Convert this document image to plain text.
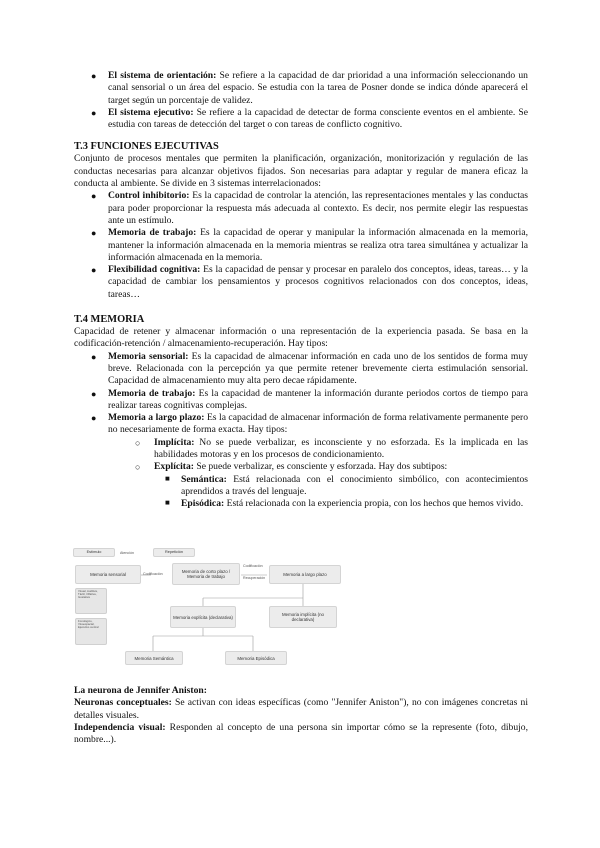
● El sistema de orientación: Se refiere a la capacidad de dar prioridad a una información seleccionando un canal sensorial o un área del espacio. Se estudia con la tarea de Posner donde se indica dónde aparecerá el target según un porcentaje de validez.
● El sistema ejecutivo: Se refiere a la capacidad de detectar de forma consciente eventos en el ambiente. Se estudia con tareas de detección del target o con tareas de conflicto cognitivo.
T.3 FUNCIONES EJECUTIVAS
Conjunto de procesos mentales que permiten la planificación, organización, monitorización y regulación de las conductas necesarias para alcanzar objetivos fijados. Son necesarias para adaptar y regular de manera eficaz la conducta al ambiente. Se divide en 3 sistemas interrelacionados:
● Control inhibitorio: Es la capacidad de controlar la atención, las representaciones mentales y las conductas para poder proporcionar la respuesta más adecuada al contexto. Es decir, nos permite elegir las respuestas ante un estímulo.
● Memoria de trabajo: Es la capacidad de operar y manipular la información almacenada en la memoria, mantener la información almacenada en la memoria mientras se realiza otra tarea simultánea y actualizar la información almacenada en la memoria.
● Flexibilidad cognitiva: Es la capacidad de pensar y procesar en paralelo dos conceptos, ideas, tareas… y la capacidad de cambiar los pensamientos y procesos cognitivos relacionados con dos conceptos, ideas, tareas…
T.4 MEMORIA
Capacidad de retener y almacenar información o una representación de la experiencia pasada. Se basa en la codificación-retención / almacenamiento-recuperación. Hay tipos:
● Memoria sensorial: Es la capacidad de almacenar información en cada uno de los sentidos de forma muy breve. Relacionada con la percepción ya que permite retener brevemente cierta estimulación sensorial. Capacidad de almacenamiento muy alta pero decae rápidamente.
● Memoria de trabajo: Es la capacidad de mantener la información durante periodos cortos de tiempo para realizar tareas cognitivas complejas.
● Memoria a largo plazo: Es la capacidad de almacenar información de forma relativamente permanente pero no necesariamente de forma exacta. Hay tipos:
○ Implícita: No se puede verbalizar, es inconsciente y no esforzada. Es la implicada en las habilidades motoras y en los procesos de condicionamiento.
○ Explícita: Se puede verbalizar, es consciente y esforzada. Hay dos subtipos:
■ Semántica: Está relacionada con el conocimiento simbólico, con acontecimientos aprendidos a través del lenguaje.
■ Episódica: Está relacionada con la experiencia propia, con los hechos que hemos vivido.
Estímulo	Atención	Repetición
Memoria sensorial	Codificación	Memoria de corto plazo / Memoria de trabajo
Codificación
Recuperación
Memoria a largo plazo
Memoria explícita (declarativa)	Memoria implícita (no declarativa)
Memoria Semántica	Memoria Episódica
Visual, Auditiva, Táctil, Olfativa, Gustativa
Fonológico, Visoespacial, Ejecutivo central
La neurona de Jennifer Aniston:
Neuronas conceptuales: Se activan con ideas específicas (como "Jennifer Aniston"), no con imágenes concretas ni detalles visuales.
Independencia visual: Responden al concepto de una persona sin importar cómo se la represente (foto, dibujo, nombre...).
